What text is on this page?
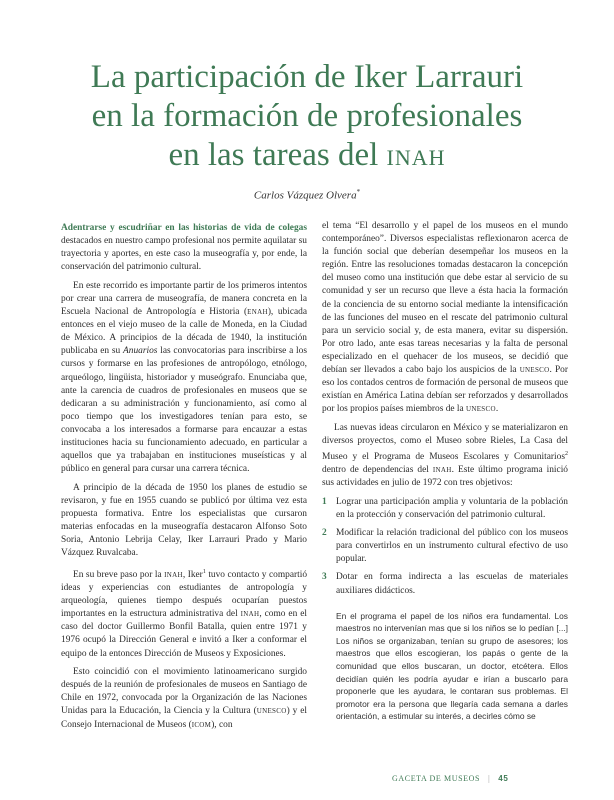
La participación de Iker Larrauri
en la formación de profesionales
en las tareas del INAH
Carlos Vázquez Olvera*

Adentrarse y escudriñar en las historias de vida de colegas destacados en nuestro campo profesional nos permite aquilatar su trayectoria y aportes, en este caso la museografía y, por ende, la conservación del patrimonio cultural.

En este recorrido es importante partir de los primeros intentos por crear una carrera de museografía, de manera concreta en la Escuela Nacional de Antropología e Historia (ENAH), ubicada entonces en el viejo museo de la calle de Moneda, en la Ciudad de México. A principios de la década de 1940, la institución publicaba en su Anuarios las convocatorias para inscribirse a los cursos y formarse en las profesiones de antropólogo, etnólogo, arqueólogo, lingüista, historiador y museógrafo. Enunciaba que, ante la carencia de cuadros de profesionales en museos que se dedicaran a su administración y funcionamiento, así como al poco tiempo que los investigadores tenían para esto, se convocaba a los interesados a formarse para encauzar a estas instituciones hacia su funcionamiento adecuado, en particular a aquellos que ya trabajaban en instituciones museísticas y al público en general para cursar una carrera técnica.

A principio de la década de 1950 los planes de estudio se revisaron, y fue en 1955 cuando se publicó por última vez esta propuesta formativa. Entre los especialistas que cursaron materias enfocadas en la museografía destacaron Alfonso Soto Soria, Antonio Lebrija Celay, Iker Larrauri Prado y Mario Vázquez Ruvalcaba.

En su breve paso por la INAH, Iker$^1$ tuvo contacto y compartió ideas y experiencias con estudiantes de antropología y arqueología, quienes tiempo después ocuparían puestos importantes en la estructura administrativa del INAH, como en el caso del doctor Guillermo Bonfil Batalla, quien entre 1971 y 1976 ocupó la Dirección General e invitó a Iker a conformar el equipo de la entonces Dirección de Museos y Exposiciones.

Esto coincidió con el movimiento latinoamericano surgido después de la reunión de profesionales de museos en Santiago de Chile en 1972, convocada por la Organización de las Naciones Unidas para la Educación, la Ciencia y la Cultura (UNESCO) y el Consejo Internacional de Museos (ICOM), con

el tema “El desarrollo y el papel de los museos en el mundo contemporáneo”. Diversos especialistas reflexionaron acerca de la función social que deberían desempeñar los museos en la región. Entre las resoluciones tomadas destacaron la concepción del museo como una institución que debe estar al servicio de su comunidad y ser un recurso que lleve a ésta hacia la formación de la conciencia de su entorno social mediante la intensificación de las funciones del museo en el rescate del patrimonio cultural para un servicio social y, de esta manera, evitar su dispersión. Por otro lado, ante esas tareas necesarias y la falta de personal especializado en el quehacer de los museos, se decidió que debían ser llevados a cabo bajo los auspicios de la UNESCO. Por eso los contados centros de formación de personal de museos que existían en América Latina debían ser reforzados y desarrollados por los propios países miembros de la UNESCO.

Las nuevas ideas circularon en México y se materializaron en diversos proyectos, como el Museo sobre Rieles, La Casa del Museo y el Programa de Museos Escolares y Comunitarios$^2$ dentro de dependencias del INAH. Este último programa inició sus actividades en julio de 1972 con tres objetivos:

1 Lograr una participación amplia y voluntaria de la población en la protección y conservación del patrimonio cultural.
2 Modificar la relación tradicional del público con los museos para convertirlos en un instrumento cultural efectivo de uso popular.
3 Dotar en forma indirecta a las escuelas de materiales auxiliares didácticos.
En el programa el papel de los niños era fundamental. Los maestros no intervenían mas que si los niños se lo pedían [...] Los niños se organizaban, tenían su grupo de asesores; los maestros que ellos escogieran, los papás o gente de la comunidad que ellos buscaran, un doctor, etcétera. Ellos decidían quién les podría ayudar e irían a buscarlo para proponerle que les ayudara, le contaran sus problemas. El promotor era la persona que llegaría cada semana a darles orientación, a estimular su interés, a decirles cómo se
GACETA DE MUSEOS | 45
